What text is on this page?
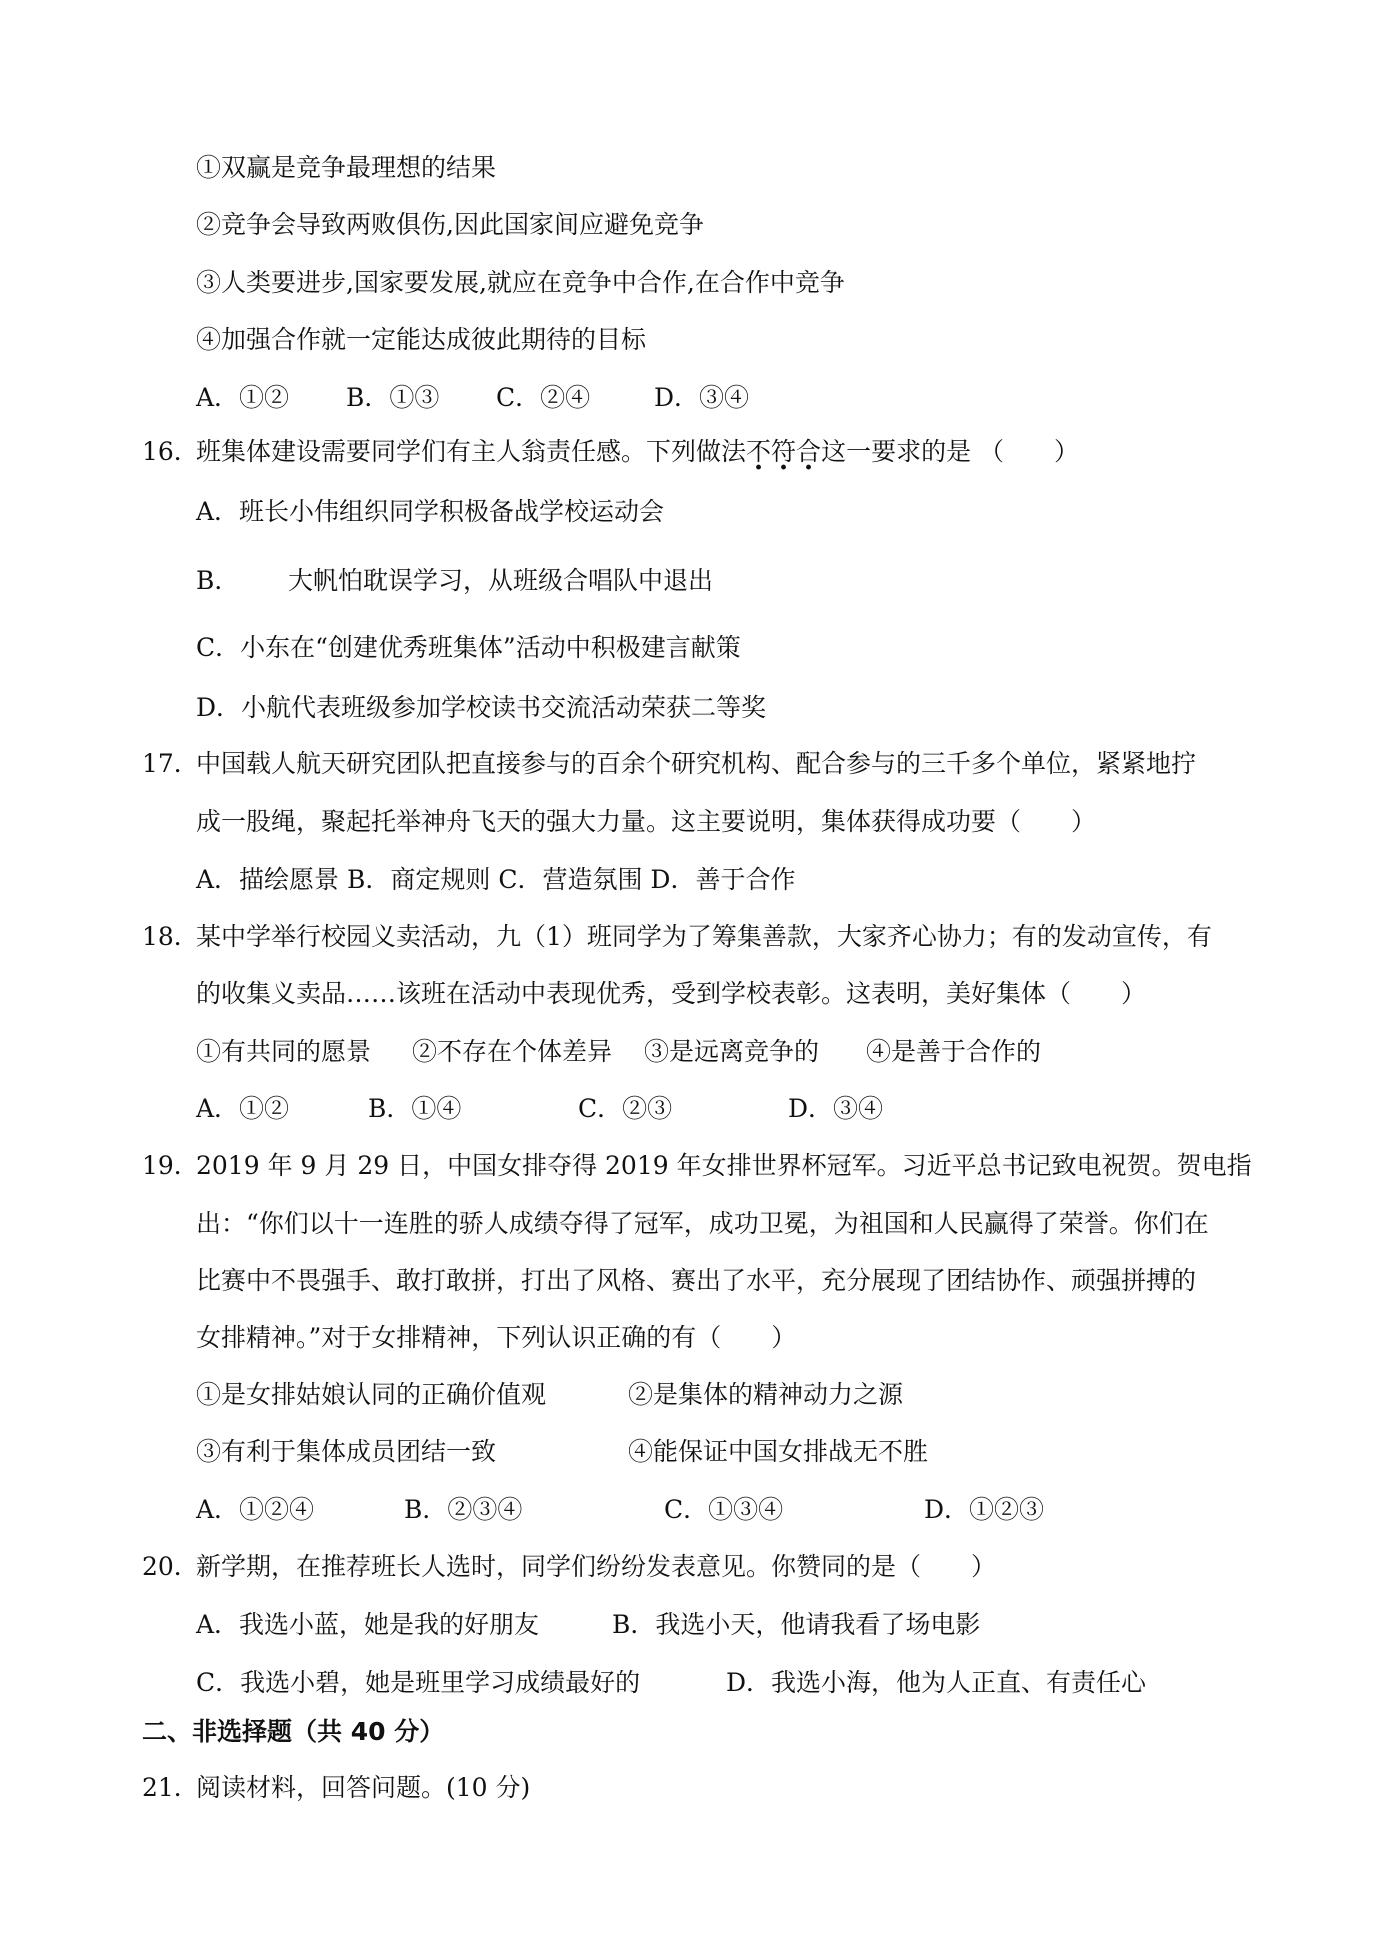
①双赢是竞争最理想的结果
②竞争会导致两败俱伤,因此国家间应避免竞争
③人类要进步,国家要发展,就应在竞争中合作,在合作中竞争
④加强合作就一定能达成彼此期待的目标
A．①② B．①③ C．②④	D．③④
16．
班集体建设需要同学们有主人翁责任感。下列做法不符合这一要求的是 （　　）
A．班长小伟组织同学积极备战学校运动会
B． 大帆怕耽误学习，从班级合唱队中退出
C．小东在“创建优秀班集体”活动中积极建言献策
D．小航代表班级参加学校读书交流活动荣获二等奖
17．
中国载人航天研究团队把直接参与的百余个研究机构、配合参与的三千多个单位，紧紧地拧
成一股绳，聚起托举神舟飞天的强大力量。这主要说明，集体获得成功要（　　）
A．描绘愿景 B．商定规则 C．营造氛围 D．善于合作
18．
某中学举行校园义卖活动，九（1）班同学为了筹集善款，大家齐心协力；有的发动宣传，有
的收集义卖品……该班在活动中表现优秀，受到学校表彰。这表明，美好集体（　　）
①有共同的愿景 ②不存在个体差异 ③是远离竞争的 ④是善于合作的
A．①②	B．①④	C．②③	D．③④
19．
2019 年 9 月 29 日，中国女排夺得 2019 年女排世界杯冠军。习近平总书记致电祝贺。贺电指
出：“你们以十一连胜的骄人成绩夺得了冠军，成功卫冕，为祖国和人民赢得了荣誉。你们在
比赛中不畏强手、敢打敢拼，打出了风格、赛出了水平，充分展现了团结协作、顽强拼搏的
女排精神。”对于女排精神，下列认识正确的有（　　）
①是女排姑娘认同的正确价值观	②是集体的精神动力之源
③有利于集体成员团结一致	④能保证中国女排战无不胜
A．①②④	B．②③④	C．①③④	D．①②③
20．
新学期，在推荐班长人选时，同学们纷纷发表意见。你赞同的是（　　）
A．我选小蓝，她是我的好朋友	B．我选小天，他请我看了场电影
C．我选小碧，她是班里学习成绩最好的	D．我选小海，他为人正直、有责任心
二、非选择题（共 40 分）
21．
阅读材料，回答问题。(10 分)
